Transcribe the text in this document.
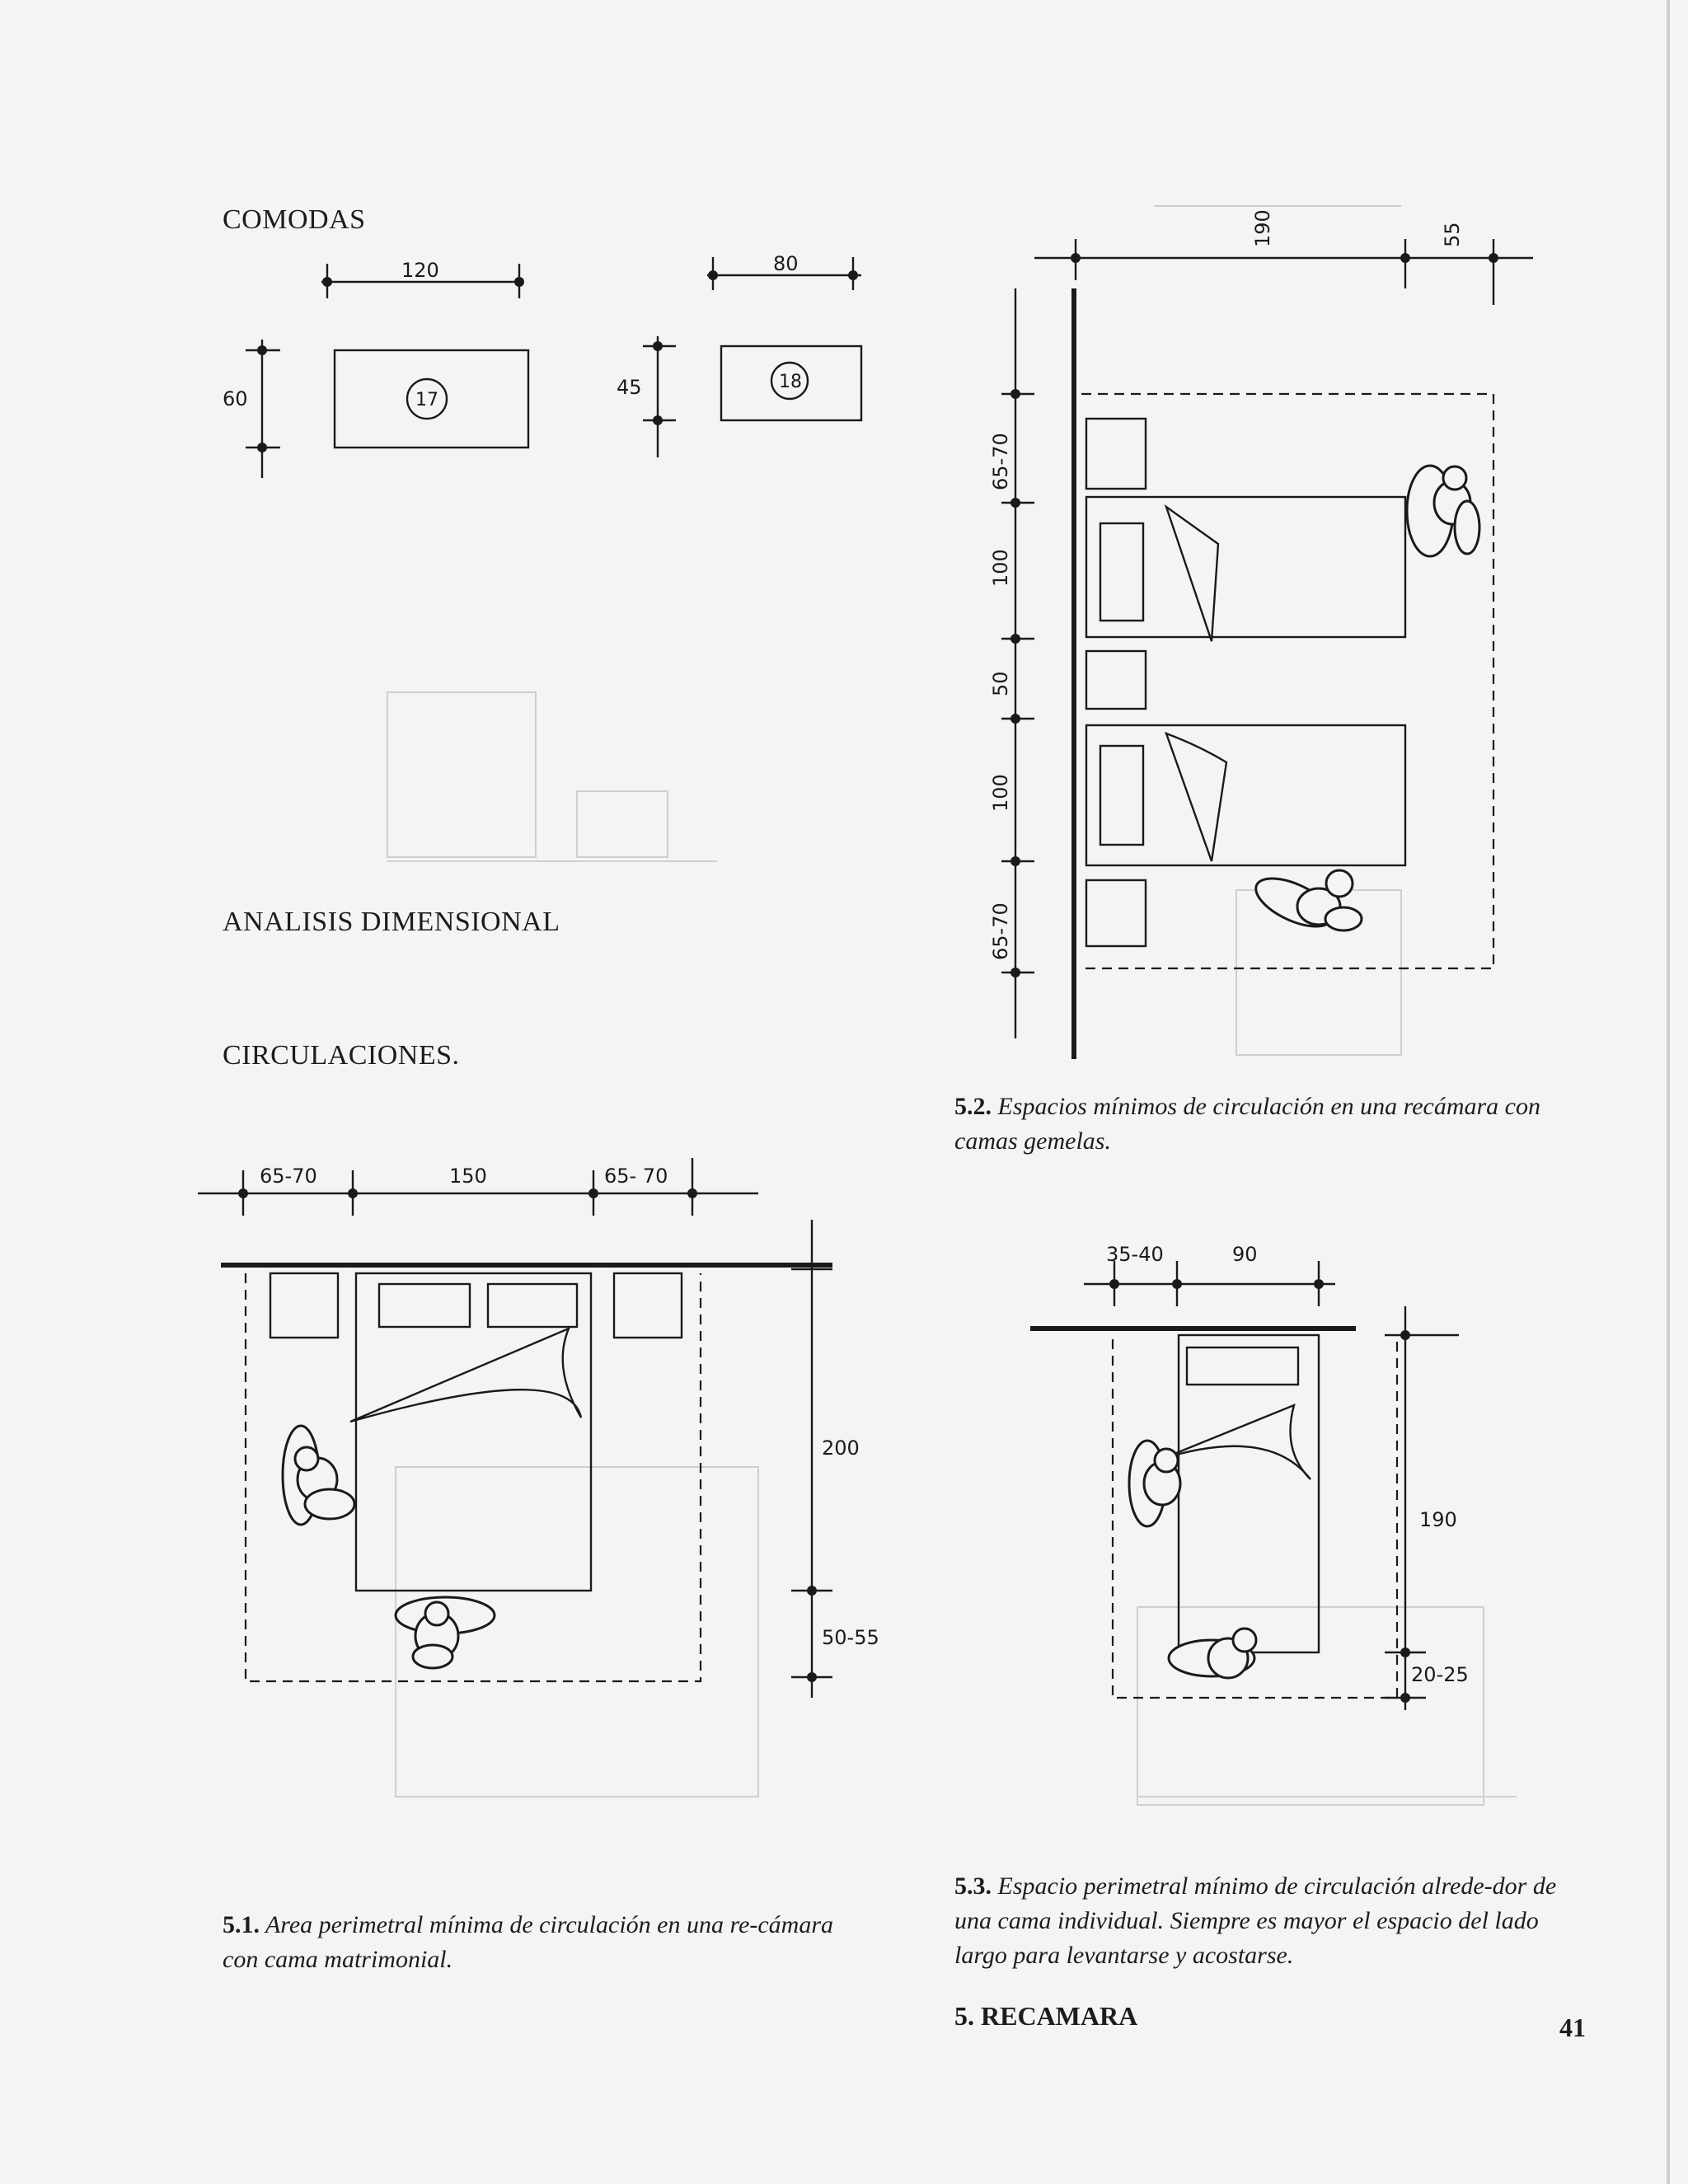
COMODAS
ANALISIS DIMENSIONAL
CIRCULACIONES.
120
60	17
80
45	18
190	55
65-70
100
50
100
65-70
65-70	150	65- 70
200
50-55
35-40	90
190
20-25
5.2. Espacios mínimos de circulación en una recámara con camas gemelas.
5.1. Area perimetral mínima de circulación en una re-cámara con cama matrimonial.
5.3. Espacio perimetral mínimo de circulación alrede-dor de una cama individual. Siempre es mayor el espacio del lado largo para levantarse y acostarse.
5. RECAMARA	41
